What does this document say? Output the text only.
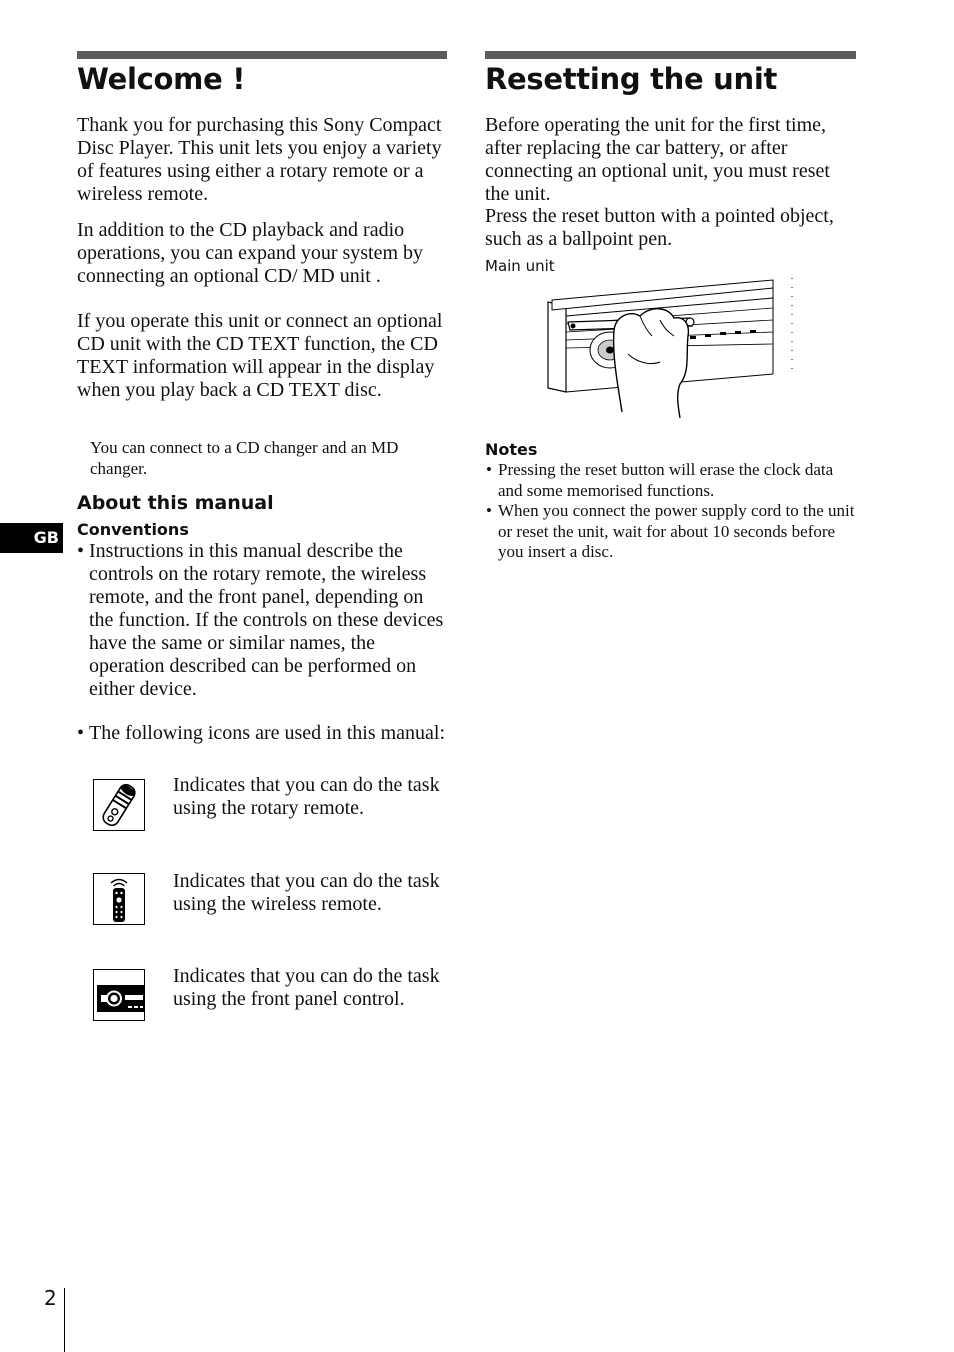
Welcome !

Thank you for purchasing this Sony Compact Disc Player. This unit lets you enjoy a variety of features using either a rotary remote or a wireless remote.

In addition to the CD playback and radio operations, you can expand your system by connecting an optional CD/ MD unit .

If you operate this unit or connect an optional CD unit with the CD TEXT function, the CD TEXT information will appear in the display when you play back a CD TEXT disc.

You can connect to a CD changer and an MD changer.

About this manual
Conventions
• Instructions in this manual describe the controls on the rotary remote, the wireless remote, and the front panel, depending on the function. If the controls on these devices have the same or similar names, the operation described can be performed on either device.

• The following icons are used in this manual:

Indicates that you can do the task using the rotary remote.

Indicates that you can do the task using the wireless remote.

Indicates that you can do the task using the front panel control.

Resetting the unit

Before operating the unit for the first time, after replacing the car battery, or after connecting an optional unit, you must reset the unit.

Press the reset button with a pointed object, such as a ballpoint pen.

Main unit
Notes
• Pressing the reset button will erase the clock data and some memorised functions.

• When you connect the power supply cord to the unit or reset the unit, wait for about 10 seconds before you insert a disc.

GB
2
